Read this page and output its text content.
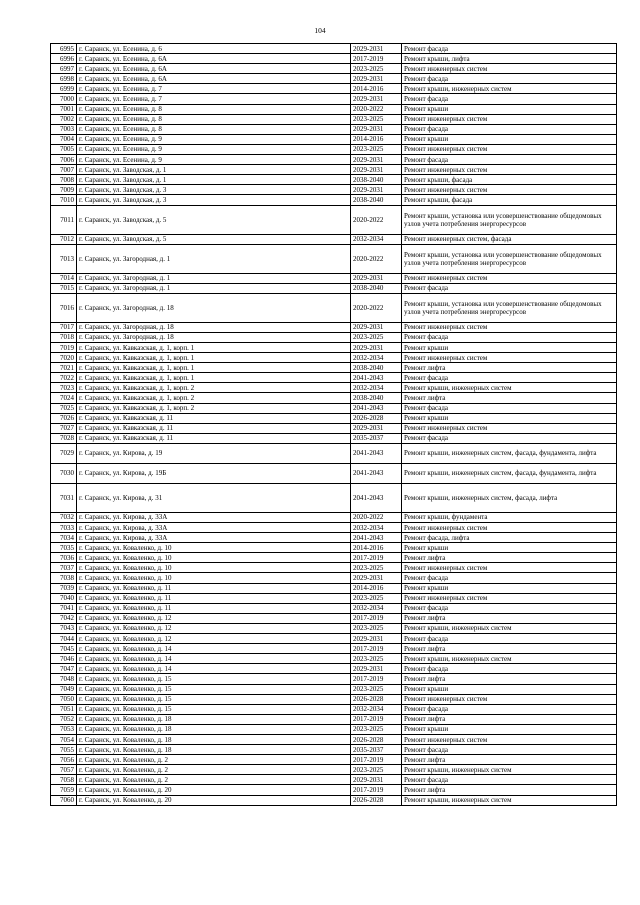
104
6995	г. Саранск, ул. Есенина, д. 6	2029-2031	Ремонт фасада
6996	г. Саранск, ул. Есенина, д. 6А	2017-2019	Ремонт крыши, лифта
6997	г. Саранск, ул. Есенина, д. 6А	2023-2025	Ремонт инженерных систем
6998	г. Саранск, ул. Есенина, д. 6А	2029-2031	Ремонт фасада
6999	г. Саранск, ул. Есенина, д. 7	2014-2016	Ремонт крыши, инженерных систем
7000	г. Саранск, ул. Есенина, д. 7	2029-2031	Ремонт фасада
7001	г. Саранск, ул. Есенина, д. 8	2020-2022	Ремонт крыши
7002	г. Саранск, ул. Есенина, д. 8	2023-2025	Ремонт инженерных систем
7003	г. Саранск, ул. Есенина, д. 8	2029-2031	Ремонт фасада
7004	г. Саранск, ул. Есенина, д. 9	2014-2016	Ремонт крыши
7005	г. Саранск, ул. Есенина, д. 9	2023-2025	Ремонт инженерных систем
7006	г. Саранск, ул. Есенина, д. 9	2029-2031	Ремонт фасада
7007	г. Саранск, ул. Заводская, д. 1	2029-2031	Ремонт инженерных систем
7008	г. Саранск, ул. Заводская, д. 1	2038-2040	Ремонт крыши, фасада
7009	г. Саранск, ул. Заводская, д. 3	2029-2031	Ремонт инженерных систем
7010	г. Саранск, ул. Заводская, д. 3	2038-2040	Ремонт крыши, фасада
7011	г. Саранск, ул. Заводская, д. 5	2020-2022	Ремонт крыши, установка или усовершенствование общедомовых узлов учета потребления энергоресурсов
7012	г. Саранск, ул. Заводская, д. 5	2032-2034	Ремонт инженерных систем, фасада
7013	г. Саранск, ул. Загородная, д. 1	2020-2022	Ремонт крыши, установка или усовершенствование общедомовых узлов учета потребления энергоресурсов
7014	г. Саранск, ул. Загородная, д. 1	2029-2031	Ремонт инженерных систем
7015	г. Саранск, ул. Загородная, д. 1	2038-2040	Ремонт фасада
7016	г. Саранск, ул. Загородная, д. 18	2020-2022	Ремонт крыши, установка или усовершенствование общедомовых узлов учета потребления энергоресурсов
7017	г. Саранск, ул. Загородная, д. 18	2029-2031	Ремонт инженерных систем
7018	г. Саранск, ул. Загородная, д. 18	2023-2025	Ремонт фасада
7019	г. Саранск, ул. Кавказская, д. 1, корп. 1	2029-2031	Ремонт крыши
7020	г. Саранск, ул. Кавказская, д. 1, корп. 1	2032-2034	Ремонт инженерных систем
7021	г. Саранск, ул. Кавказская, д. 1, корп. 1	2038-2040	Ремонт лифта
7022	г. Саранск, ул. Кавказская, д. 1, корп. 1	2041-2043	Ремонт фасада
7023	г. Саранск, ул. Кавказская, д. 1, корп. 2	2032-2034	Ремонт крыши, инженерных систем
7024	г. Саранск, ул. Кавказская, д. 1, корп. 2	2038-2040	Ремонт лифта
7025	г. Саранск, ул. Кавказская, д. 1, корп. 2	2041-2043	Ремонт фасада
7026	г. Саранск, ул. Кавказская, д. 11	2026-2028	Ремонт крыши
7027	г. Саранск, ул. Кавказская, д. 11	2029-2031	Ремонт инженерных систем
7028	г. Саранск, ул. Кавказская, д. 11	2035-2037	Ремонт фасада
7029	г. Саранск, ул. Кирова, д. 19	2041-2043	Ремонт крыши, инженерных систем, фасада, фундамента, лифта
7030	г. Саранск, ул. Кирова, д. 19Б	2041-2043	Ремонт крыши, инженерных систем, фасада, фундамента, лифта
7031	г. Саранск, ул. Кирова, д. 31	2041-2043	Ремонт крыши, инженерных систем, фасада, лифта
7032	г. Саранск, ул. Кирова, д. 33А	2020-2022	Ремонт крыши, фундамента
7033	г. Саранск, ул. Кирова, д. 33А	2032-2034	Ремонт инженерных систем
7034	г. Саранск, ул. Кирова, д. 33А	2041-2043	Ремонт фасада, лифта
7035	г. Саранск, ул. Коваленко, д. 10	2014-2016	Ремонт крыши
7036	г. Саранск, ул. Коваленко, д. 10	2017-2019	Ремонт лифта
7037	г. Саранск, ул. Коваленко, д. 10	2023-2025	Ремонт инженерных систем
7038	г. Саранск, ул. Коваленко, д. 10	2029-2031	Ремонт фасада
7039	г. Саранск, ул. Коваленко, д. 11	2014-2016	Ремонт крыши
7040	г. Саранск, ул. Коваленко, д. 11	2023-2025	Ремонт инженерных систем
7041	г. Саранск, ул. Коваленко, д. 11	2032-2034	Ремонт фасада
7042	г. Саранск, ул. Коваленко, д. 12	2017-2019	Ремонт лифта
7043	г. Саранск, ул. Коваленко, д. 12	2023-2025	Ремонт крыши, инженерных систем
7044	г. Саранск, ул. Коваленко, д. 12	2029-2031	Ремонт фасада
7045	г. Саранск, ул. Коваленко, д. 14	2017-2019	Ремонт лифта
7046	г. Саранск, ул. Коваленко, д. 14	2023-2025	Ремонт крыши, инженерных систем
7047	г. Саранск, ул. Коваленко, д. 14	2029-2031	Ремонт фасада
7048	г. Саранск, ул. Коваленко, д. 15	2017-2019	Ремонт лифта
7049	г. Саранск, ул. Коваленко, д. 15	2023-2025	Ремонт крыши
7050	г. Саранск, ул. Коваленко, д. 15	2026-2028	Ремонт инженерных систем
7051	г. Саранск, ул. Коваленко, д. 15	2032-2034	Ремонт фасада
7052	г. Саранск, ул. Коваленко, д. 18	2017-2019	Ремонт лифта
7053	г. Саранск, ул. Коваленко, д. 18	2023-2025	Ремонт крыши
7054	г. Саранск, ул. Коваленко, д. 18	2026-2028	Ремонт инженерных систем
7055	г. Саранск, ул. Коваленко, д. 18	2035-2037	Ремонт фасада
7056	г. Саранск, ул. Коваленко, д. 2	2017-2019	Ремонт лифта
7057	г. Саранск, ул. Коваленко, д. 2	2023-2025	Ремонт крыши, инженерных систем
7058	г. Саранск, ул. Коваленко, д. 2	2029-2031	Ремонт фасада
7059	г. Саранск, ул. Коваленко, д. 20	2017-2019	Ремонт лифта
7060	г. Саранск, ул. Коваленко, д. 20	2026-2028	Ремонт крыши, инженерных систем
